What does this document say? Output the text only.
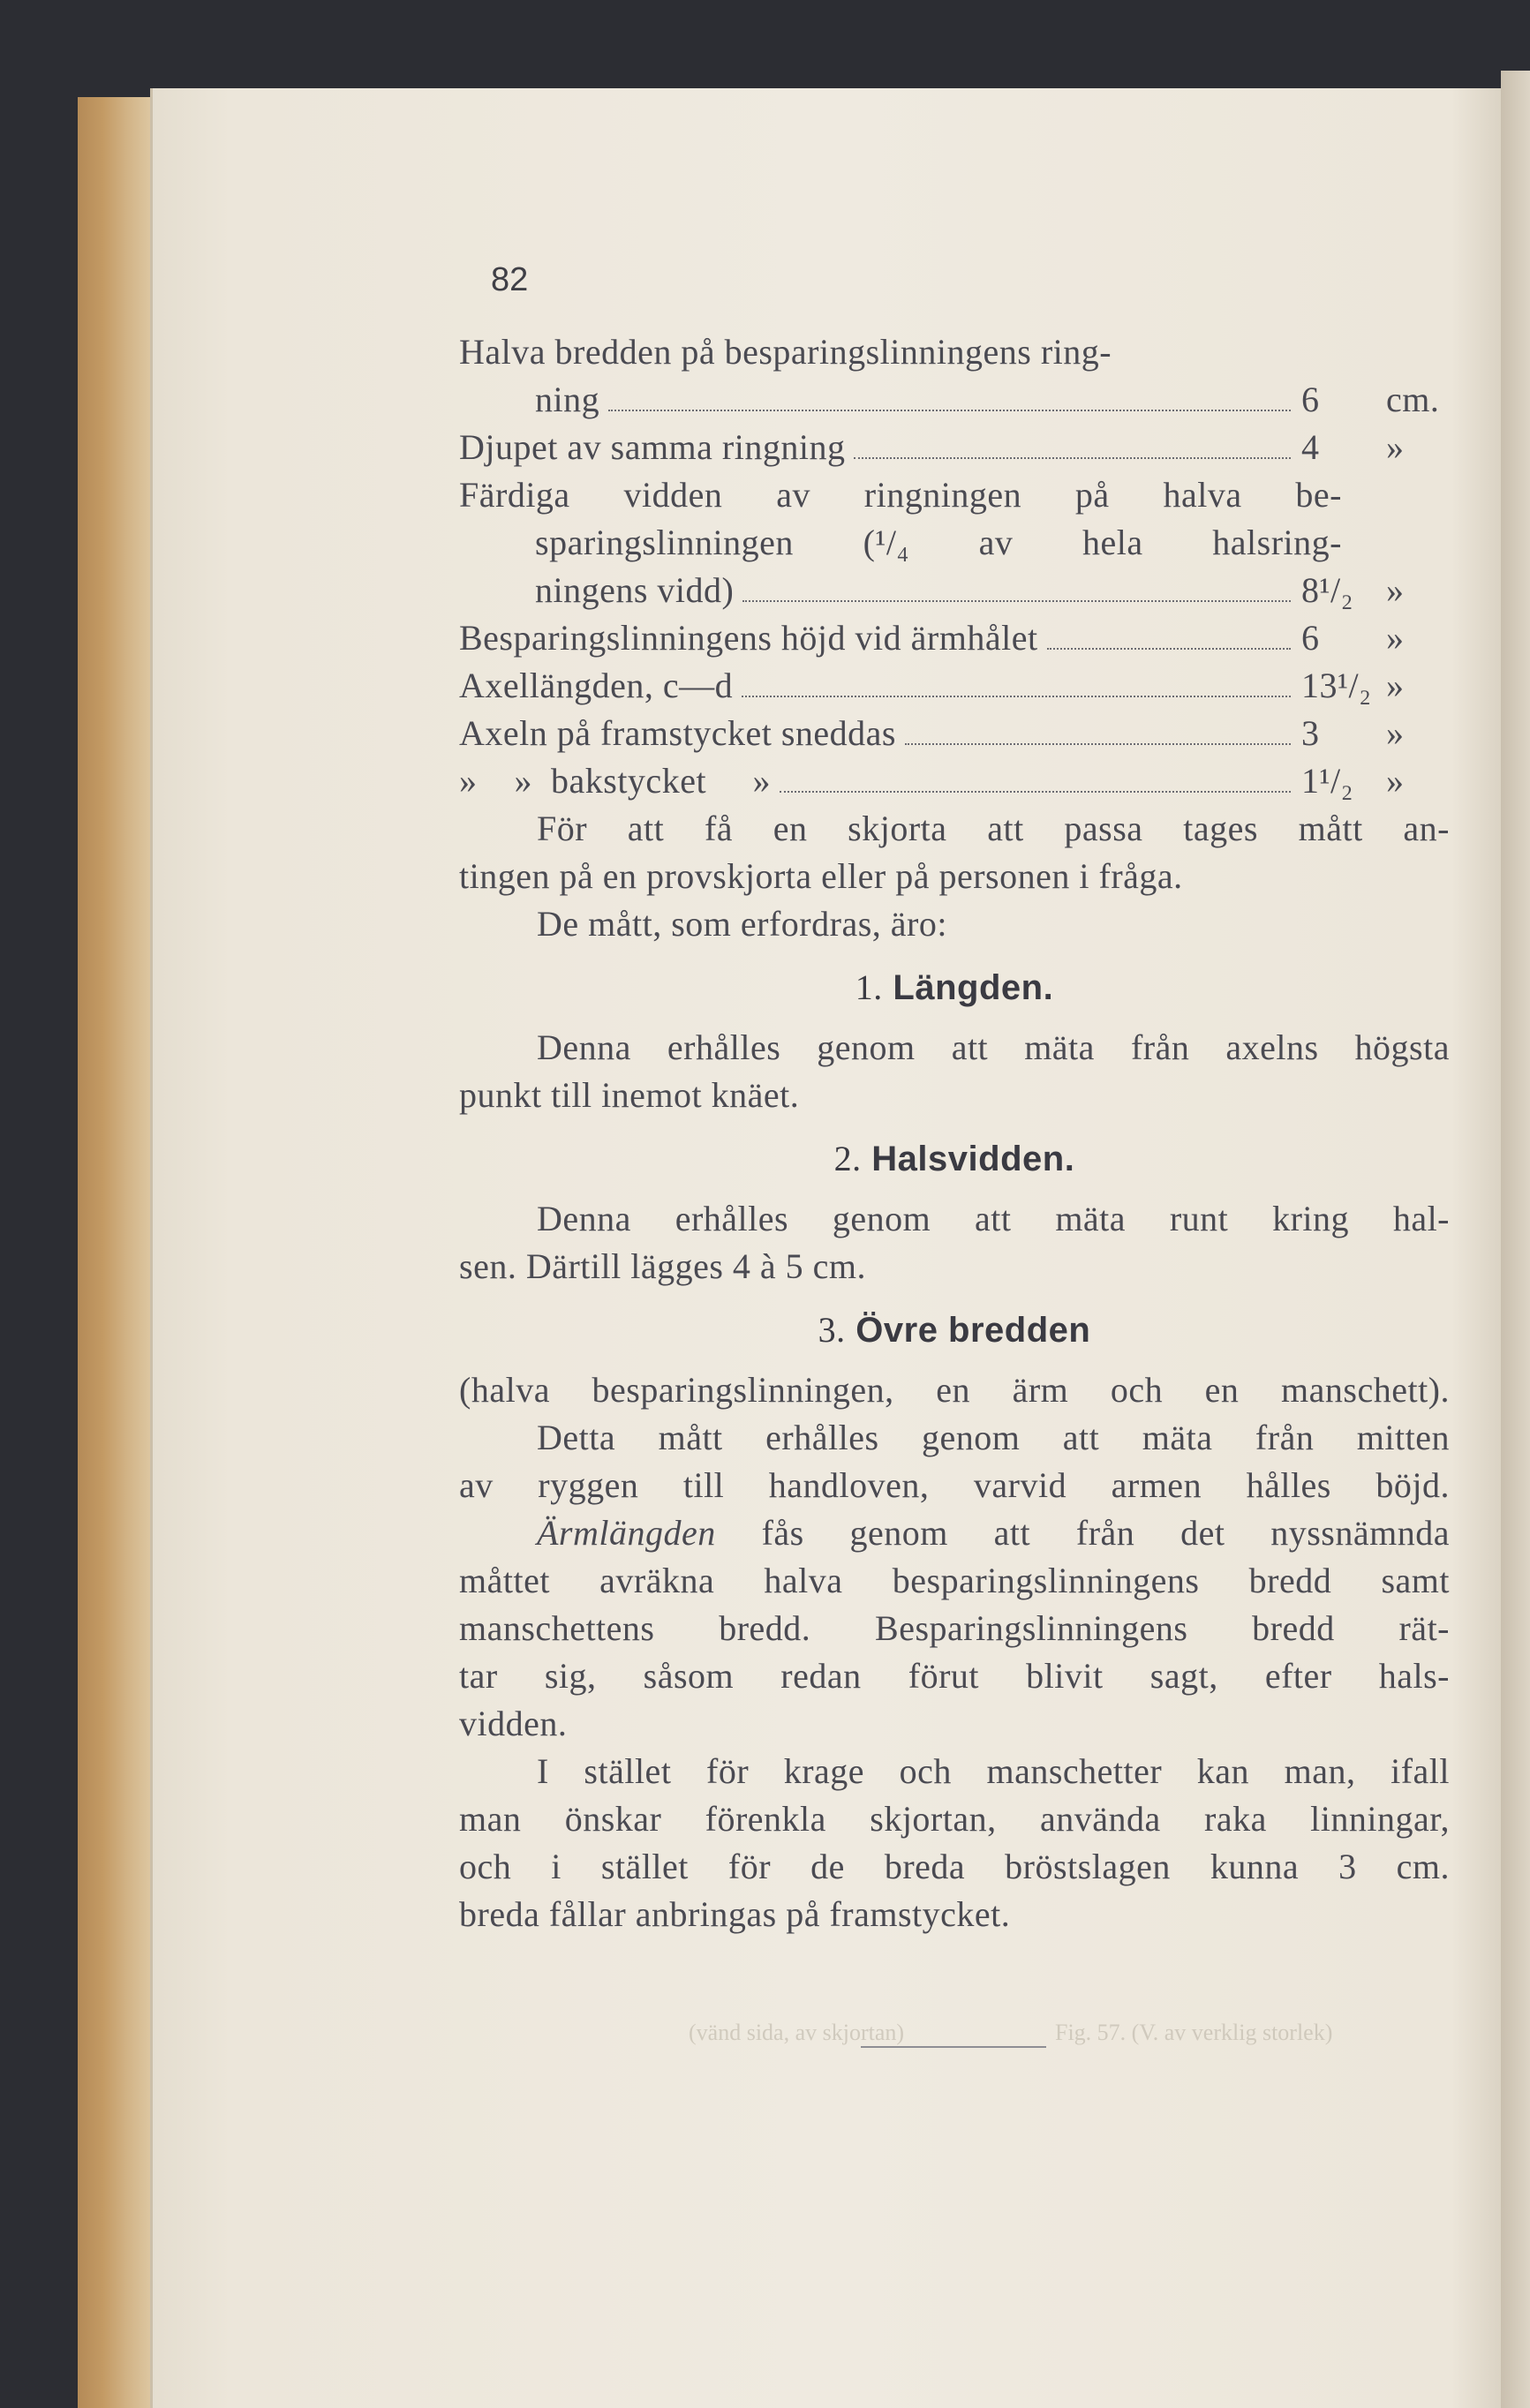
82
Halva bredden på besparingslinningens ring-
ning	6	cm.
Djupet av samma ringning	4	»
Färdiga vidden av ringningen på halva be-
sparingslinningen (¹/₄ av hela halsring-
ningens vidd)	8¹/₂ »
Besparingslinningens höjd vid ärmhålet	6	»
Axellängden, c—d	13¹/₂ »
Axeln på framstycket sneddas	3	»
»    »  bakstycket     »	1¹/₂ »
För att få en skjorta att passa tages mått an-
tingen på en provskjorta eller på personen i fråga.
De mått, som erfordras, äro:
1. Längden.
Denna erhålles genom att mäta från axelns högsta
punkt till inemot knäet.
2. Halsvidden.
Denna erhålles genom att mäta runt kring hal-
sen. Därtill lägges 4 à 5 cm.
3. Övre bredden
(halva besparingslinningen, en ärm och en manschett).
Detta mått erhålles genom att mäta från mitten
av ryggen till handloven, varvid armen hålles böjd.
Ärmlängden fås genom att från det nyssnämnda
måttet avräkna halva besparingslinningens bredd samt
manschettens bredd. Besparingslinningens bredd rät-
tar sig, såsom redan förut blivit sagt, efter hals-
vidden.
I stället för krage och manschetter kan man, ifall
man önskar förenkla skjortan, använda raka linningar,
och i stället för de breda bröstslagen kunna 3 cm.
breda fållar anbringas på framstycket.
(vänd sida, av skjortan)	Fig. 57. (V. av verklig storlek)
